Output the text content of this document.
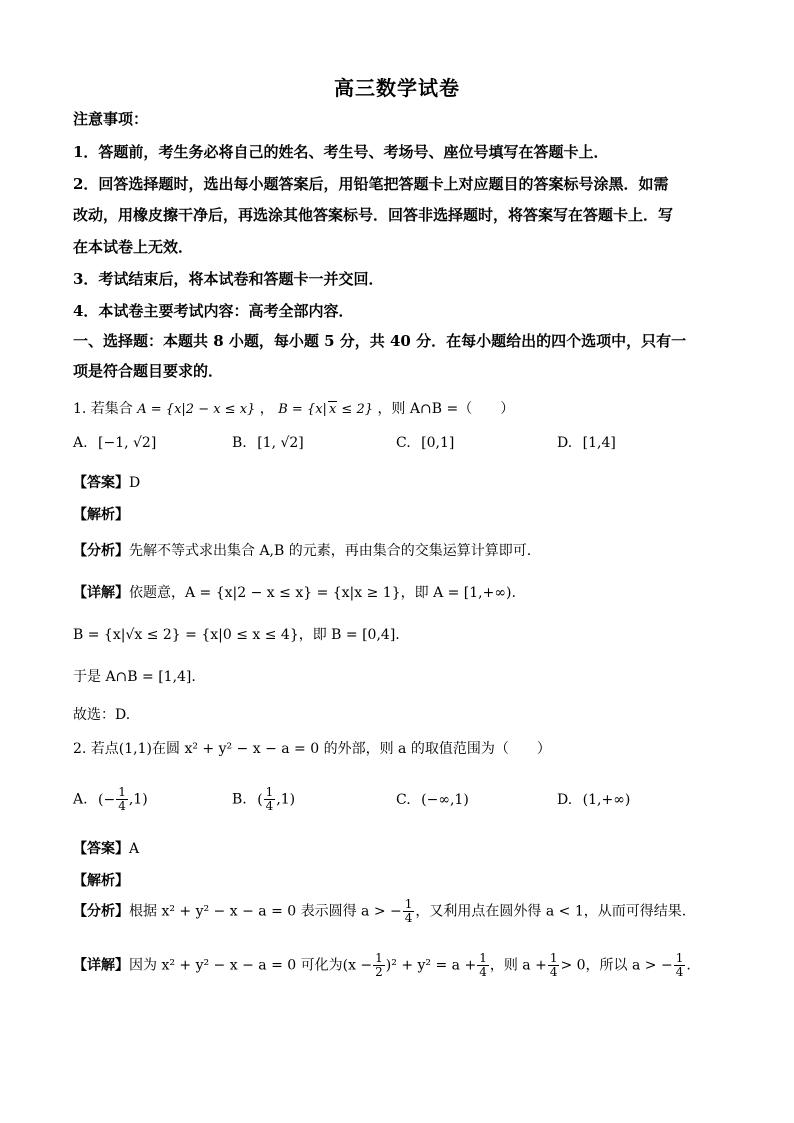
高三数学试卷
注意事项：
1．答题前，考生务必将自己的姓名、考生号、考场号、座位号填写在答题卡上．
2．回答选择题时，选出每小题答案后，用铅笔把答题卡上对应题目的答案标号涂黑．如需
改动，用橡皮擦干净后，再选涂其他答案标号．回答非选择题时，将答案写在答题卡上．写
在本试卷上无效．
3．考试结束后，将本试卷和答题卡一并交回．
4．本试卷主要考试内容：高考全部内容．
一、选择题：本题共 8 小题，每小题 5 分，共 40 分．在每小题给出的四个选项中，只有一
项是符合题目要求的．
1. 若集合 A = {x|2 − x ≤ x} ， B = {x| x ≤ 2} ，则 A∩B =（　　）
A. [−1, √2]	B. [1, √2]	C. [0,1]	D. [1,4]
【答案】D
【解析】
【分析】先解不等式求出集合 A,B 的元素，再由集合的交集运算计算即可.
【详解】依题意，A = {x|2 − x ≤ x} = {x|x ≥ 1}，即 A = [1,+∞).
B = {x|√x ≤ 2} = {x|0 ≤ x ≤ 4}，即 B = [0,4].
于是 A∩B = [1,4].
故选：D.
2. 若点(1,1)在圆 x² + y² − x − a = 0 的外部，则 a 的取值范围为（　　）
A. (− $\frac{1}{4} ,1$)	B. ( $\frac{1}{4} ,1$)	C. (−∞,1)	D. (1,+∞)
【答案】A
【解析】
【分析】根据 x² + y² − x − a = 0 表示圆得 a > − $\frac{1}{4}$ ，又利用点在圆外得 a < 1，从而可得结果.
【详解】因为 x² + y² − x − a = 0 可化为$(x - \frac{1}{2} )^2 + y^2 = a + \frac{1}{4}$ ，则 $a + \frac{1}{4} > 0$，所以 a > − $\frac{1}{4}$ .
